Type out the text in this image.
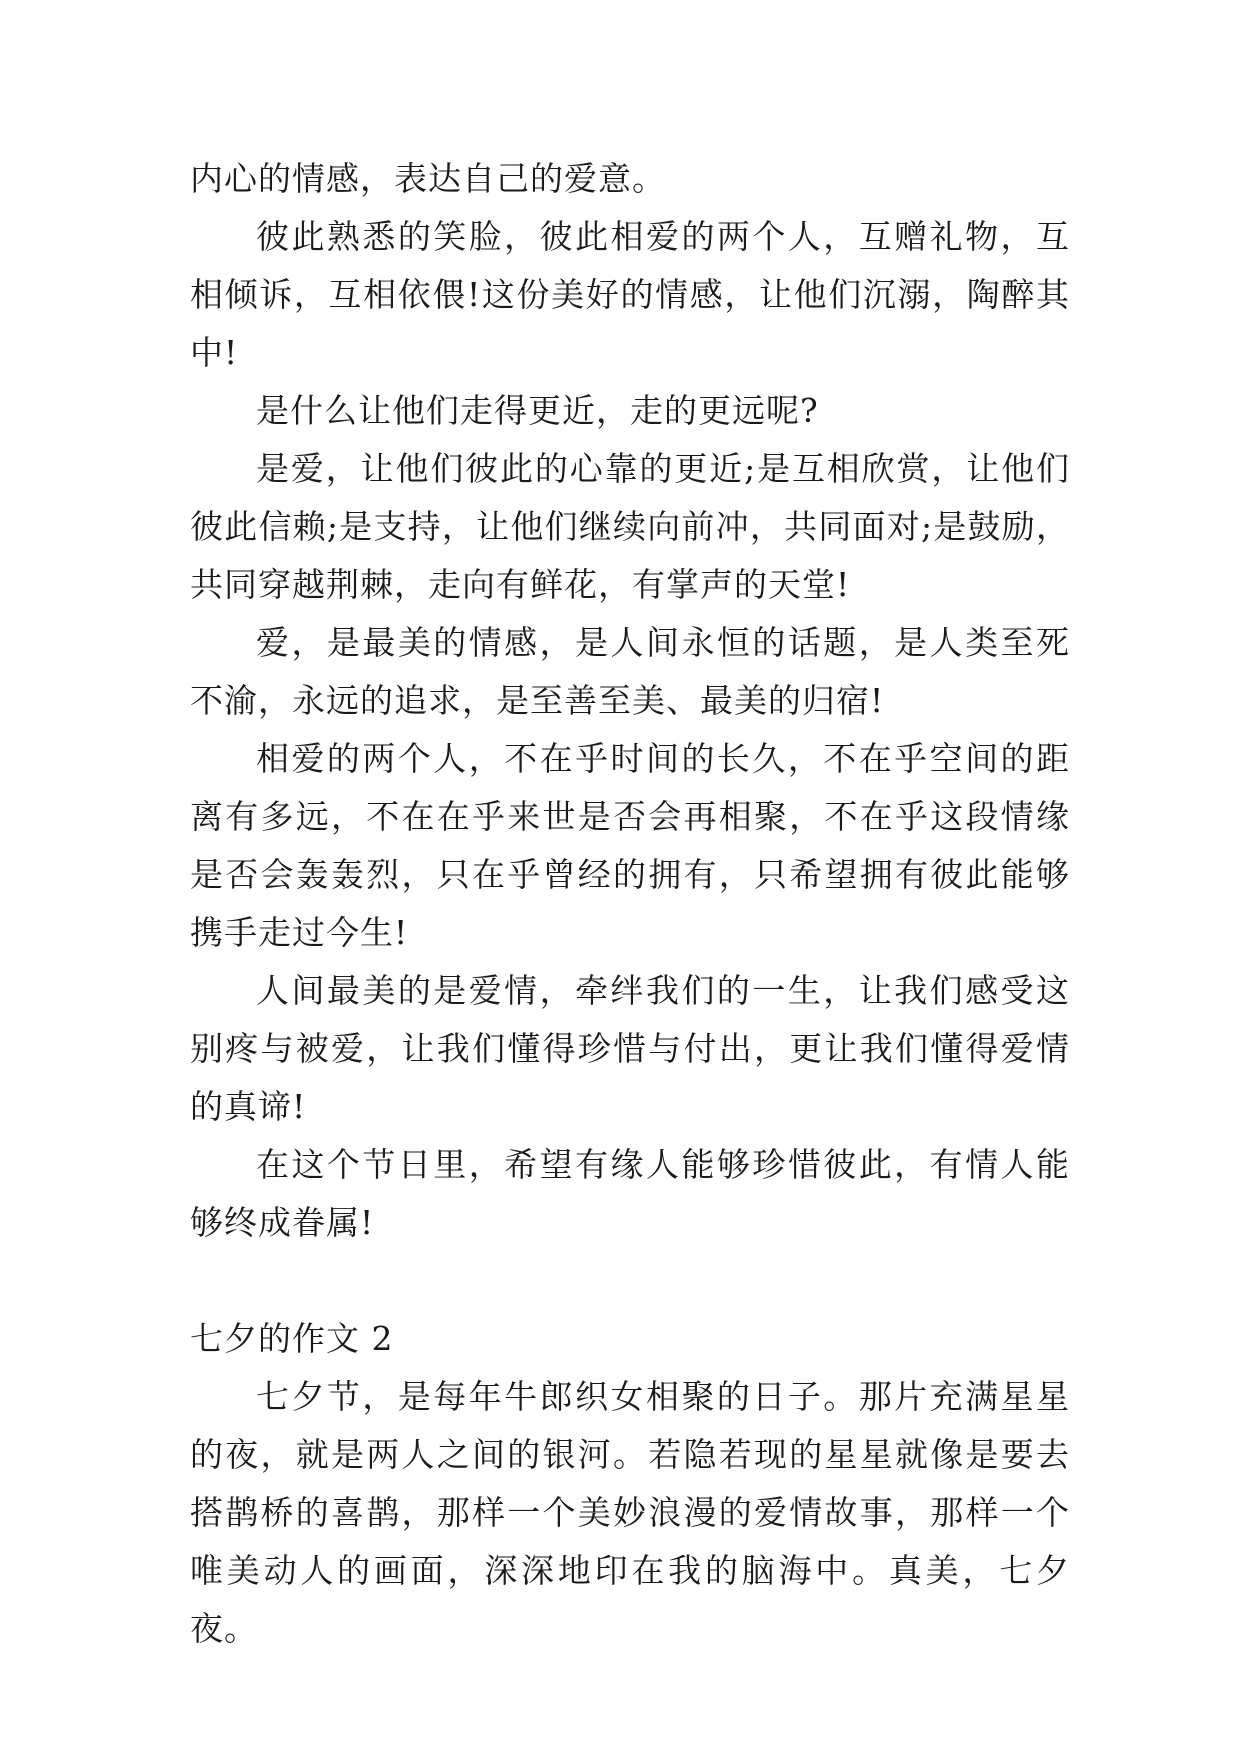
内心的情感，表达自己的爱意。

彼此熟悉的笑脸，彼此相爱的两个人，互赠礼物，互相倾诉，互相依偎!这份美好的情感，让他们沉溺，陶醉其中!

是什么让他们走得更近，走的更远呢?

是爱，让他们彼此的心靠的更近;是互相欣赏，让他们彼此信赖;是支持，让他们继续向前冲，共同面对;是鼓励，共同穿越荆棘，走向有鲜花，有掌声的天堂!

爱，是最美的情感，是人间永恒的话题，是人类至死不渝，永远的追求，是至善至美、最美的归宿!

相爱的两个人，不在乎时间的长久，不在乎空间的距离有多远，不在在乎来世是否会再相聚，不在乎这段情缘是否会轰轰烈，只在乎曾经的拥有，只希望拥有彼此能够携手走过今生!

人间最美的是爱情，牵绊我们的一生，让我们感受这别疼与被爱，让我们懂得珍惜与付出，更让我们懂得爱情的真谛!

在这个节日里，希望有缘人能够珍惜彼此，有情人能够终成眷属!

七夕的作文 2

七夕节，是每年牛郎织女相聚的日子。那片充满星星的夜，就是两人之间的银河。若隐若现的星星就像是要去搭鹊桥的喜鹊，那样一个美妙浪漫的爱情故事，那样一个唯美动人的画面，深深地印在我的脑海中。真美，七夕夜。
